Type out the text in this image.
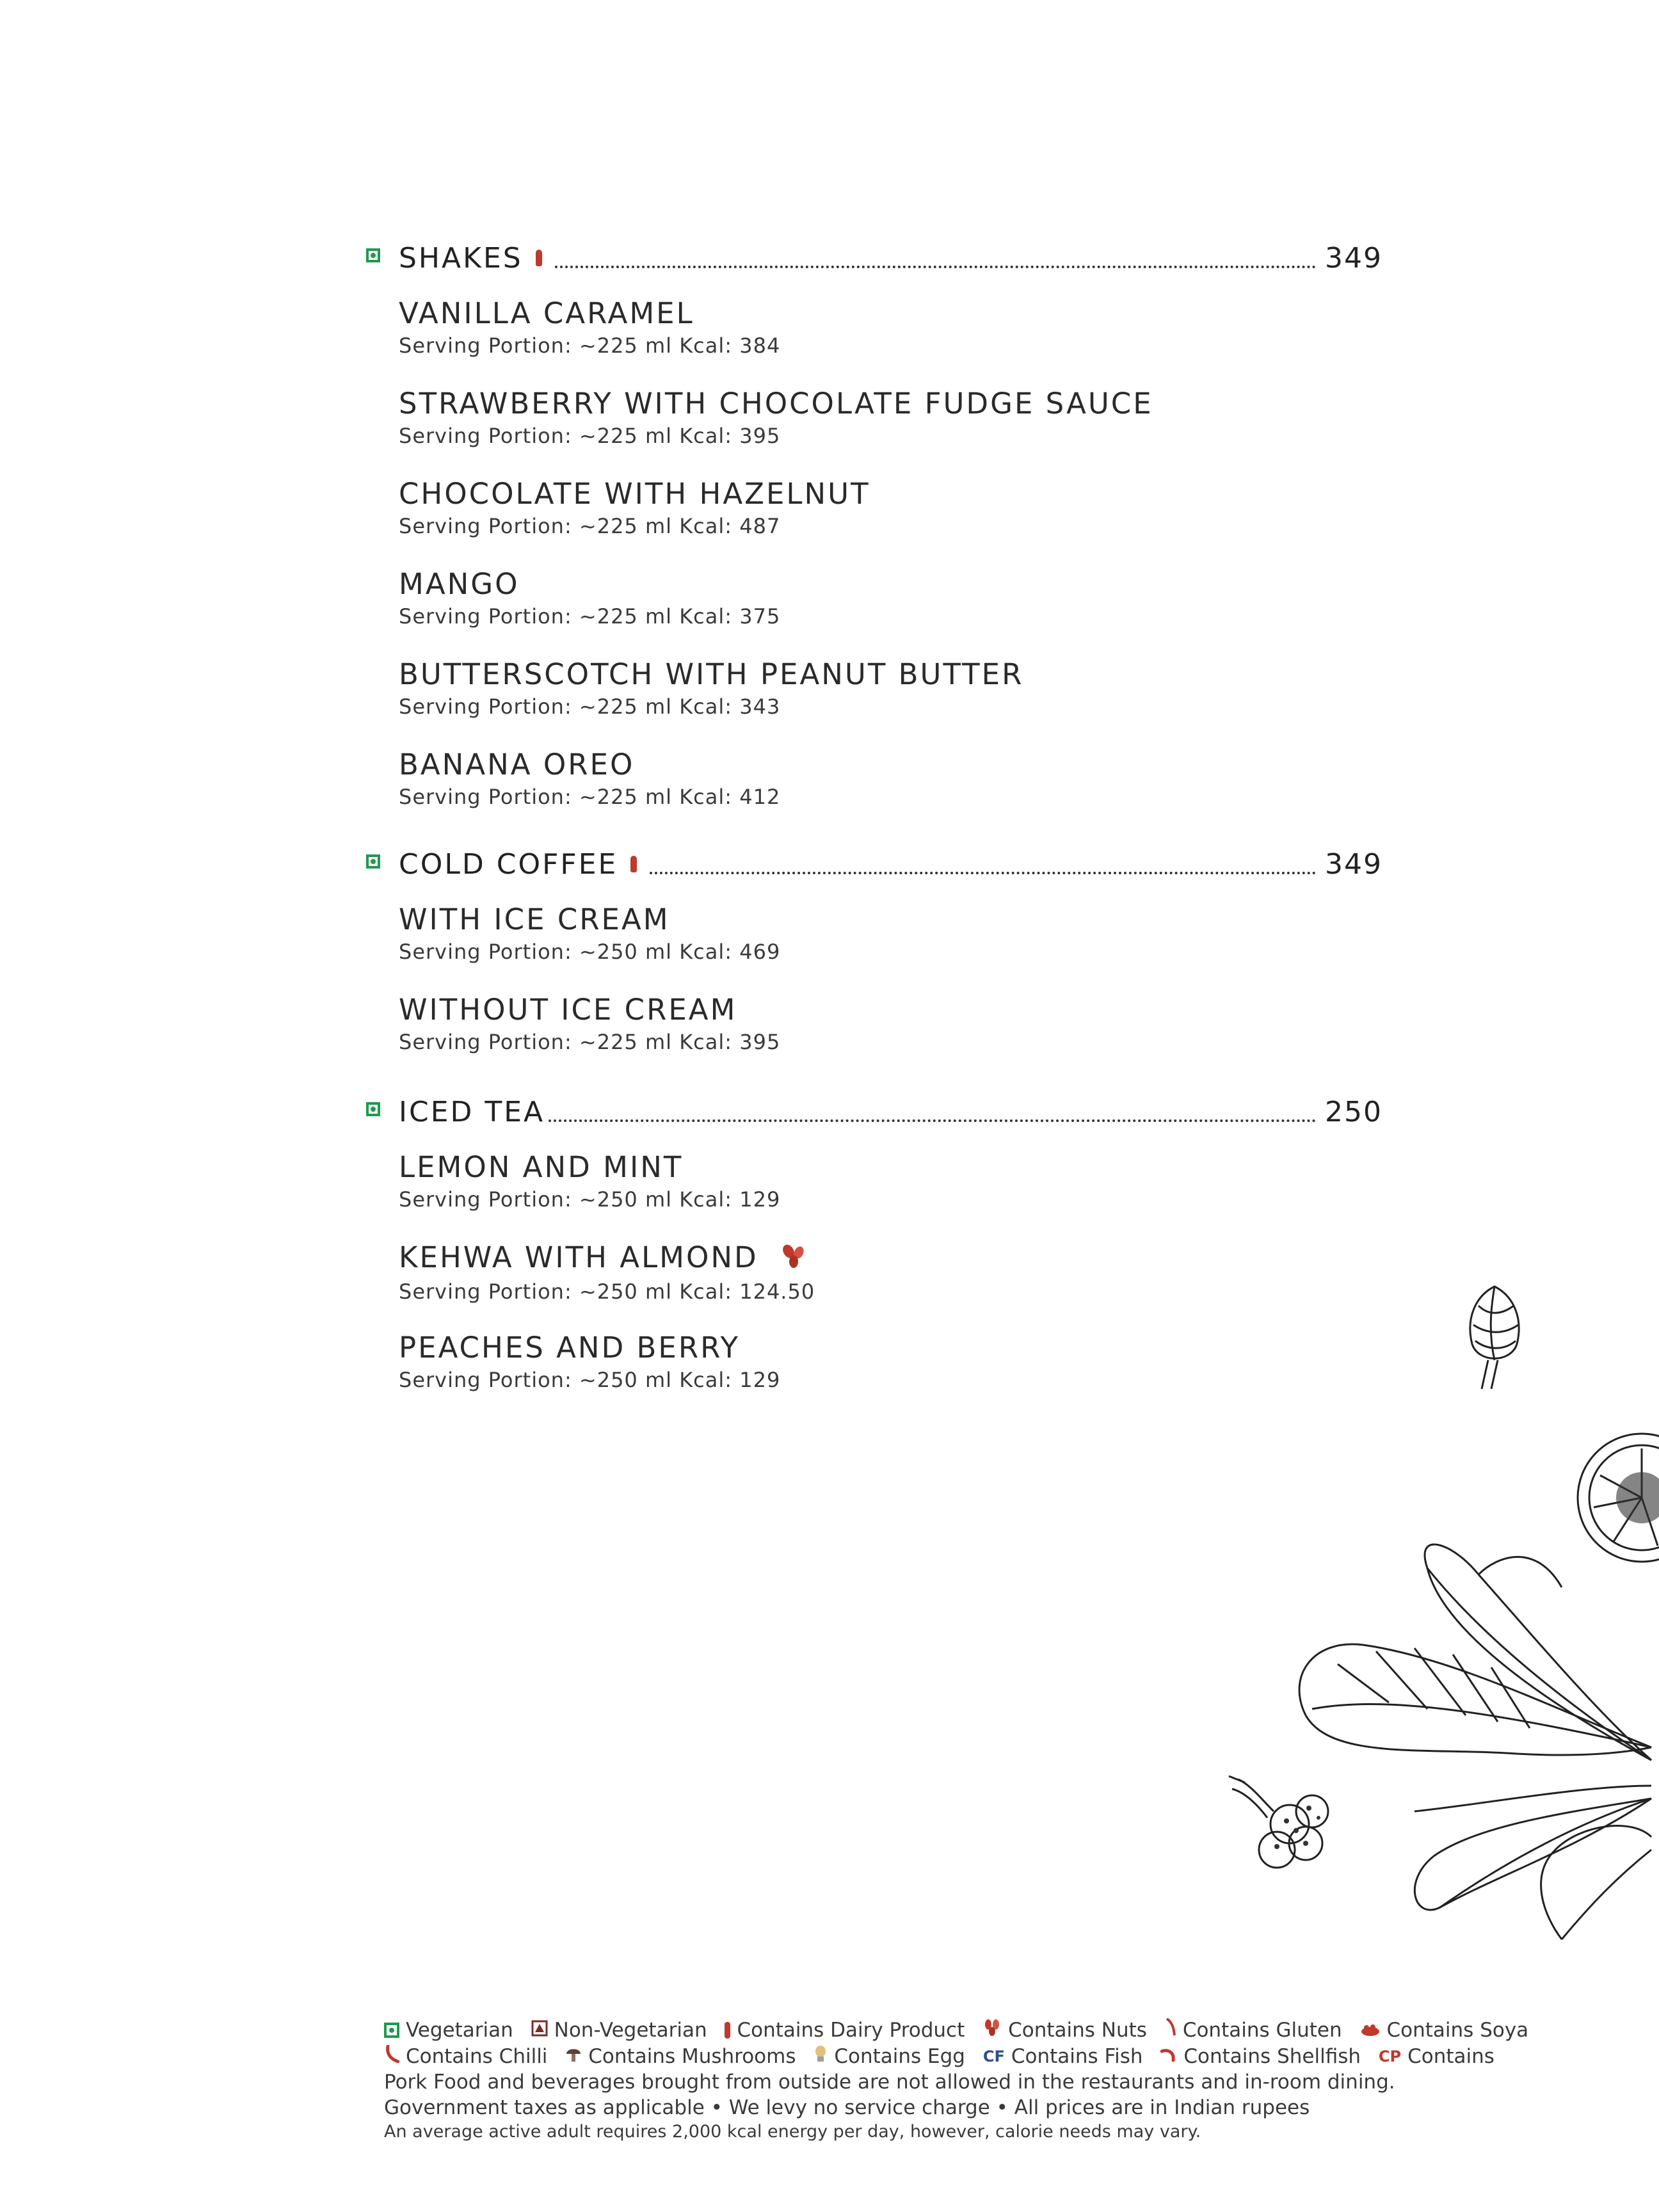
SHAKES	349
VANILLA CARAMEL
Serving Portion: ~225 ml Kcal: 384
STRAWBERRY WITH CHOCOLATE FUDGE SAUCE
Serving Portion: ~225 ml Kcal: 395
CHOCOLATE WITH HAZELNUT
Serving Portion: ~225 ml Kcal: 487
MANGO
Serving Portion: ~225 ml Kcal: 375
BUTTERSCOTCH WITH PEANUT BUTTER
Serving Portion: ~225 ml Kcal: 343
BANANA OREO
Serving Portion: ~225 ml Kcal: 412
COLD COFFEE	349
WITH ICE CREAM
Serving Portion: ~250 ml Kcal: 469
WITHOUT ICE CREAM
Serving Portion: ~225 ml Kcal: 395
ICED TEA	250
LEMON AND MINT
Serving Portion: ~250 ml Kcal: 129
KEHWA WITH ALMOND
Serving Portion: ~250 ml Kcal: 124.50
PEACHES AND BERRY
Serving Portion: ~250 ml Kcal: 129
Vegetarian Non-Vegetarian Contains Dairy Product Contains Nuts Contains Gluten Contains Soya
Contains Chilli Contains Mushrooms Contains Egg CF Contains Fish Contains Shellfish CP Contains
Pork Food and beverages brought from outside are not allowed in the restaurants and in-room dining.
Government taxes as applicable • We levy no service charge • All prices are in Indian rupees
An average active adult requires 2,000 kcal energy per day, however, calorie needs may vary.
